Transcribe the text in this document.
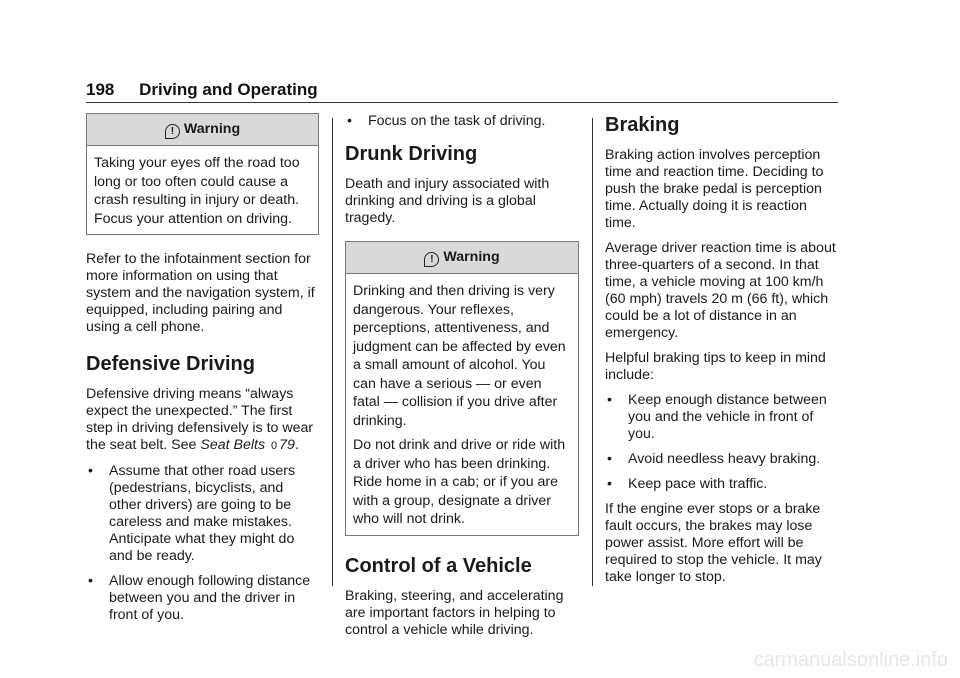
198 Driving and Operating
! Warning

Taking your eyes off the road too long or too often could cause a crash resulting in injury or death. Focus your attention on driving.

Refer to the infotainment section for more information on using that system and the navigation system, if equipped, including pairing and using a cell phone.

Defensive Driving

Defensive driving means “always expect the unexpected.” The first step in driving defensively is to wear the seat belt. See Seat Belts 0 79.

• Assume that other road users (pedestrians, bicyclists, and other drivers) are going to be careless and make mistakes. Anticipate what they might do and be ready.
• Allow enough following distance between you and the driver in front of you.
• Focus on the task of driving.
Drunk Driving

Death and injury associated with drinking and driving is a global tragedy.

! Warning

Drinking and then driving is very dangerous. Your reflexes, perceptions, attentiveness, and judgment can be affected by even a small amount of alcohol. You can have a serious — or even fatal — collision if you drive after drinking.

Do not drink and drive or ride with a driver who has been drinking. Ride home in a cab; or if you are with a group, designate a driver who will not drink.

Control of a Vehicle

Braking, steering, and accelerating are important factors in helping to control a vehicle while driving.

Braking

Braking action involves perception time and reaction time. Deciding to push the brake pedal is perception time. Actually doing it is reaction time.

Average driver reaction time is about three-quarters of a second. In that time, a vehicle moving at 100 km/h (60 mph) travels 20 m (66 ft), which could be a lot of distance in an emergency.

Helpful braking tips to keep in mind include:

• Keep enough distance between you and the vehicle in front of you.
• Avoid needless heavy braking.
• Keep pace with traffic.

If the engine ever stops or a brake fault occurs, the brakes may lose power assist. More effort will be required to stop the vehicle. It may take longer to stop.

carmanualsonline.info
